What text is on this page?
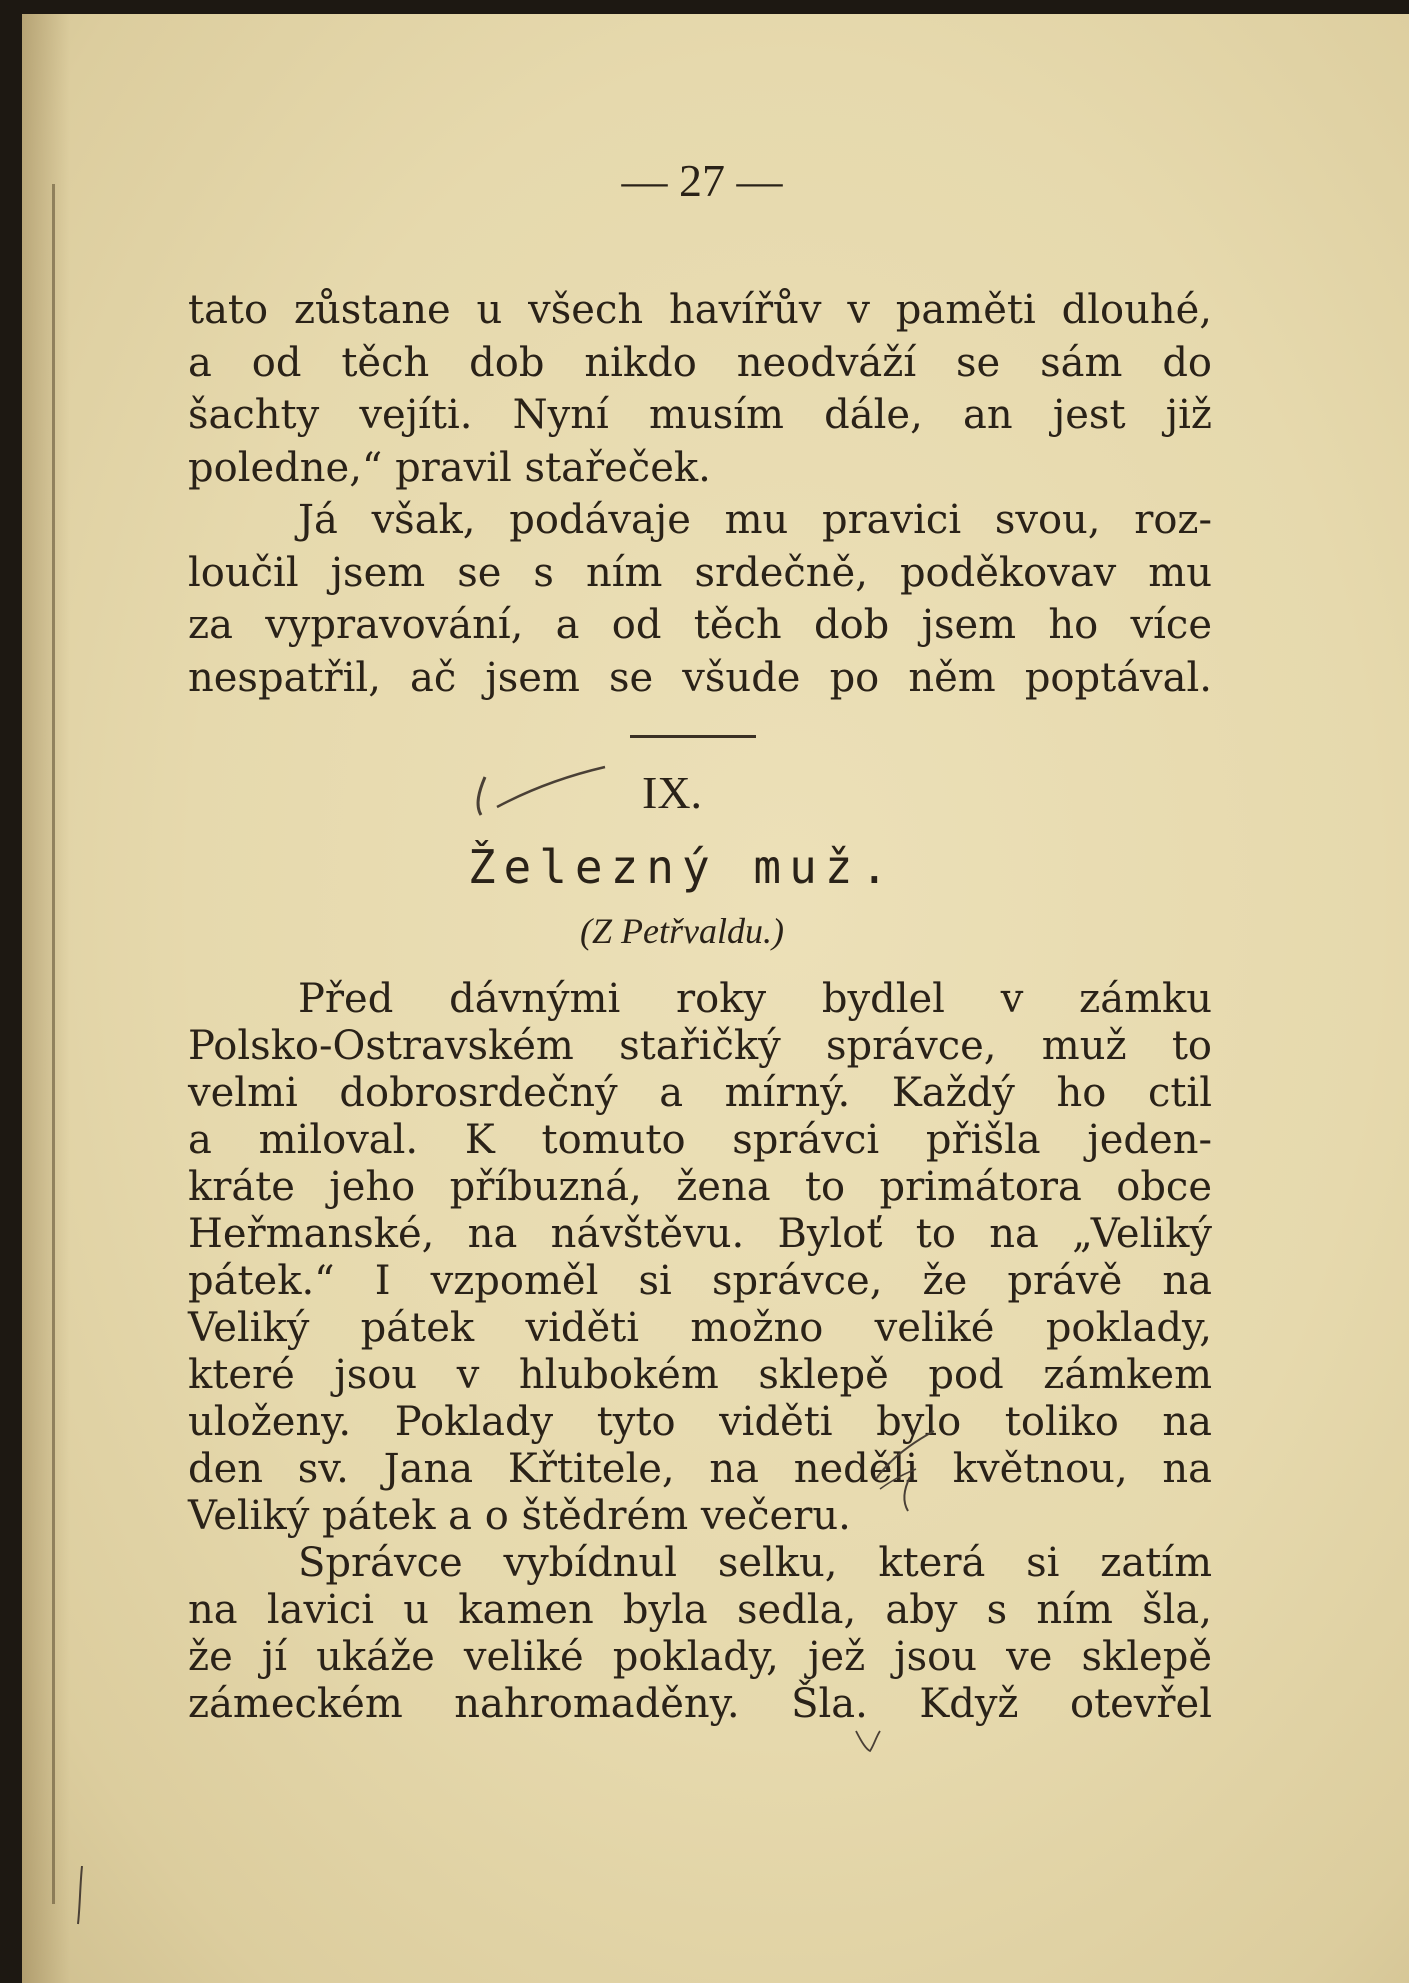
— 27 —
tato zůstane u všech havířův v paměti dlouhé,
a od těch dob nikdo neodváží se sám do
šachty vejíti. Nyní musím dále, an jest již
poledne,“ pravil stařeček.
Já však, podávaje mu pravici svou, roz-
loučil jsem se s ním srdečně, poděkovav mu
za vypravování, a od těch dob jsem ho více
nespatřil, ač jsem se všude po něm poptával.
IX.
Železný muž.
(Z Petřvaldu.)
Před dávnými roky bydlel v zámku
Polsko-Ostravském stařičký správce, muž to
velmi dobrosrdečný a mírný. Každý ho ctil
a miloval. K tomuto správci přišla jeden-
kráte jeho příbuzná, žena to primátora obce
Heřmanské, na návštěvu. Byloť to na „Veliký
pátek.“ I vzpoměl si správce, že právě na
Veliký pátek viděti možno veliké poklady,
které jsou v hlubokém sklepě pod zámkem
uloženy. Poklady tyto viděti bylo toliko na
den sv. Jana Křtitele, na neděli květnou, na
Veliký pátek a o štědrém večeru.
Správce vybídnul selku, která si zatím
na lavici u kamen byla sedla, aby s ním šla,
že jí ukáže veliké poklady, jež jsou ve sklepě
zámeckém nahromaděny. Šla. Když otevřel
